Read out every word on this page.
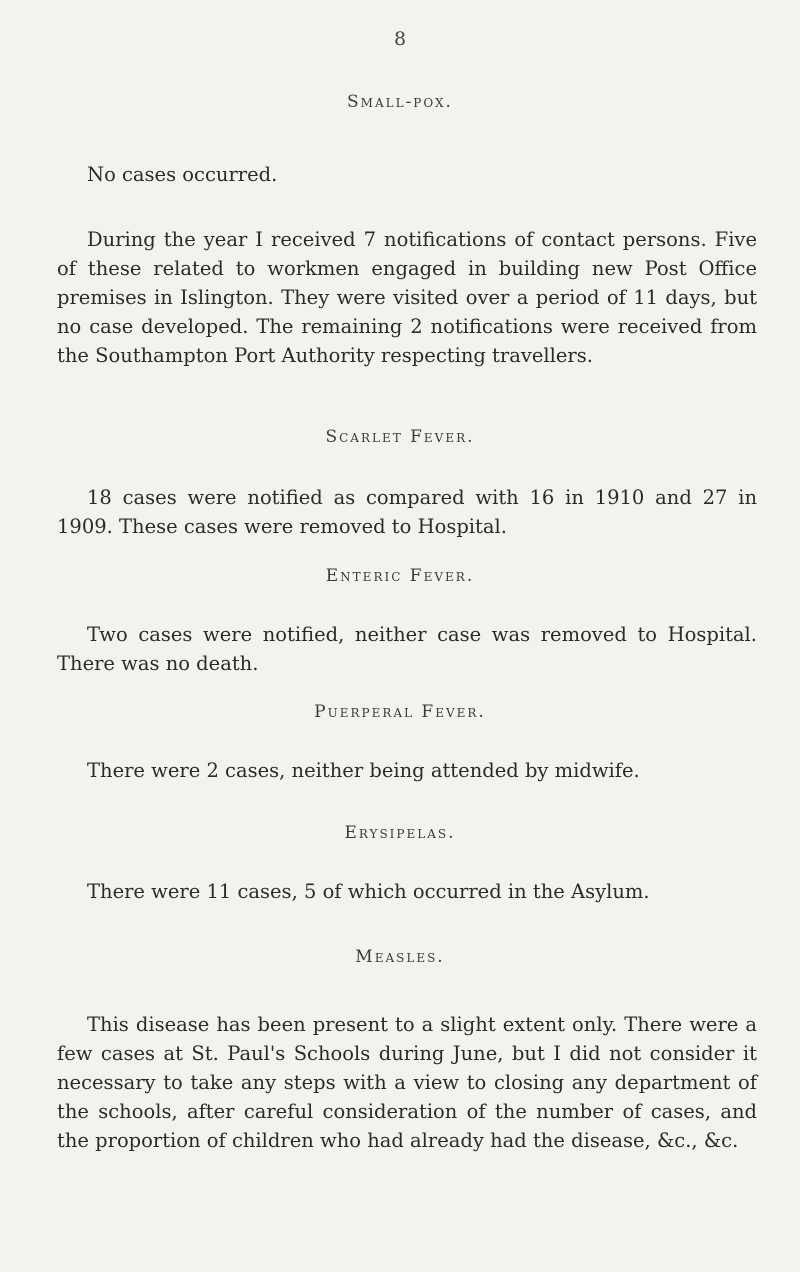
8
Small-pox.

No cases occurred.

During the year I received 7 notifications of contact persons. Five of these related to workmen engaged in building new Post Office premises in Islington. They were visited over a period of 11 days, but no case developed. The remaining 2 notifications were received from the Southampton Port Authority respecting travellers.

Scarlet Fever.

18 cases were notified as compared with 16 in 1910 and 27 in 1909. These cases were removed to Hospital.

Enteric Fever.

Two cases were notified, neither case was removed to Hospital. There was no death.

Puerperal Fever.

There were 2 cases, neither being attended by midwife.

Erysipelas.

There were 11 cases, 5 of which occurred in the Asylum.

Measles.

This disease has been present to a slight extent only. There were a few cases at St. Paul's Schools during June, but I did not consider it necessary to take any steps with a view to closing any department of the schools, after careful consideration of the number of cases, and the proportion of children who had already had the disease, &c., &c.
